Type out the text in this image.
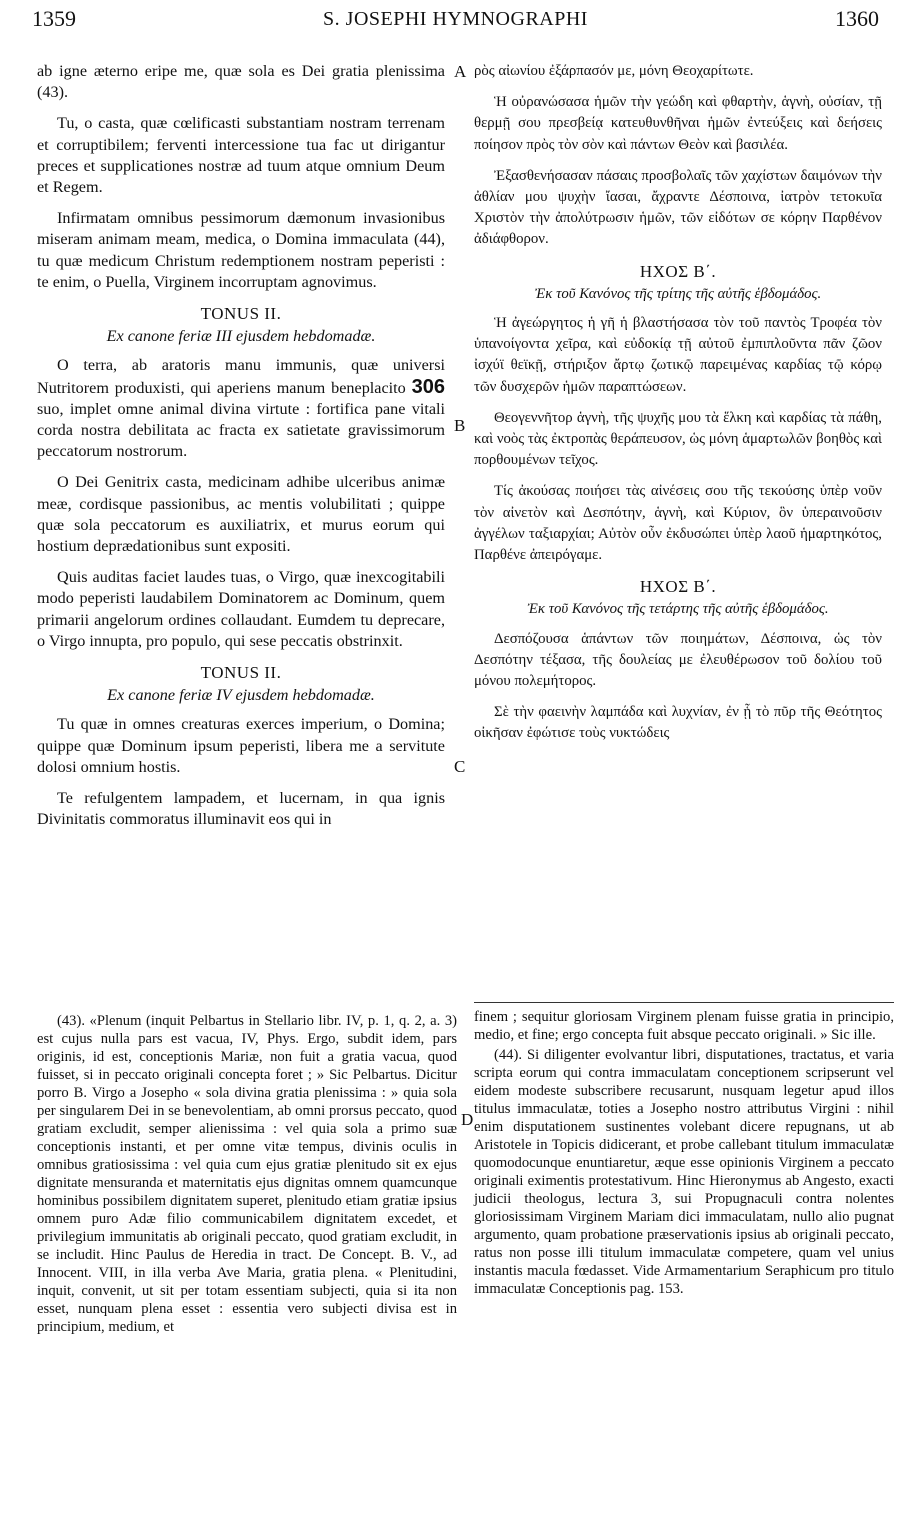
1359	S. JOSEPHI HYMNOGRAPHI	1360

ab igne æterno eripe me, quæ sola es Dei gratia plenissima (43).

Tu, o casta, quæ cœlificasti substantiam nostram terrenam et corruptibilem; ferventi intercessione tua fac ut dirigantur preces et supplicationes nostræ ad tuum atque omnium Deum et Regem.

Infirmatam omnibus pessimorum dæmonum invasionibus miseram animam meam, medica, o Domina immaculata (44), tu quæ medicum Christum redemptionem nostram peperisti : te enim, o Puella, Virginem incorruptam agnovimus.

TONUS II.
Ex canone feriæ III ejusdem hebdomadæ.

O terra, ab aratoris manu immunis, quæ universi Nutritorem produxisti, qui aperiens manum beneplacito 306 suo, implet omne animal divina virtute : fortifica pane vitali corda nostra debilitata ac fracta ex satietate gravissimorum peccatorum nostrorum.

O Dei Genitrix casta, medicinam adhibe ulceribus animæ meæ, cordisque passionibus, ac mentis volubilitati ; quippe quæ sola peccatorum es auxiliatrix, et murus eorum qui hostium deprædationibus sunt expositi.

Quis auditas faciet laudes tuas, o Virgo, quæ inexcogitabili modo peperisti laudabilem Dominatorem ac Dominum, quem primarii angelorum ordines collaudant. Eumdem tu deprecare, o Virgo innupta, pro populo, qui sese peccatis obstrinxit.

TONUS II.
Ex canone feriæ IV ejusdem hebdomadæ.

Tu quæ in omnes creaturas exerces imperium, o Domina; quippe quæ Dominum ipsum peperisti, libera me a servitute dolosi omnium hostis.

Te refulgentem lampadem, et lucernam, in qua ignis Divinitatis commoratus illuminavit eos qui in

ρὸς αἰωνίου ἐξάρπασόν με, μόνη Θεοχαρίτωτε.

Ἡ οὐρανώσασα ἡμῶν τὴν γεώδη καὶ φθαρτὴν, ἁγνὴ, οὐσίαν, τῇ θερμῇ σου πρεσβείᾳ κατευθυνθῆναι ἡμῶν ἐντεύξεις καὶ δεήσεις ποίησον πρὸς τὸν σὸν καὶ πάντων Θεὸν καὶ βασιλέα.

Ἐξασθενήσασαν πάσαις προσβολαῖς τῶν χαχίστων δαιμόνων τὴν ἀθλίαν μου ψυχὴν ἴασαι, ἄχραντε Δέσποινα, ἰατρὸν τετοκυῖα Χριστὸν τὴν ἀπολύτρωσιν ἡμῶν, τῶν εἰδότων σε κόρην Παρθένον ἀδιάφθορον.

ΗΧΟΣ Β΄.
Ἐκ τοῦ Κανόνος τῆς τρίτης τῆς αὐτῆς ἑβδομάδος.

Ἡ ἀγεώργητος ἡ γῆ ἡ βλαστήσασα τὸν τοῦ παντὸς Τροφέα τὸν ὑπανοίγοντα χεῖρα, καὶ εὐδοκίᾳ τῇ αὐτοῦ ἐμπιπλοῦντα πᾶν ζῶον ἰσχύϊ θεϊκῇ, στήριξον ἄρτῳ ζωτικῷ παρειμένας καρδίας τῷ κόρῳ τῶν δυσχερῶν ἡμῶν παραπτώσεων.

Θεογεννῆτορ ἁγνὴ, τῆς ψυχῆς μου τὰ ἕλκη καὶ καρδίας τὰ πάθη, καὶ νοὸς τὰς ἐκτροπὰς θεράπευσον, ὡς μόνη ἁμαρτωλῶν βοηθὸς καὶ πορθουμένων τεῖχος.

Τίς ἀκούσας ποιήσει τὰς αἰνέσεις σου τῆς τεκούσης ὑπὲρ νοῦν τὸν αἰνετὸν καὶ Δεσπότην, ἁγνὴ, καὶ Κύριον, ὃν ὑπεραινοῦσιν ἀγγέλων ταξιαρχίαι; Αὐτὸν οὖν ἐκδυσώπει ὑπὲρ λαοῦ ἡμαρτηκότος, Παρθένε ἀπειρόγαμε.

ΗΧΟΣ Β΄.
Ἐκ τοῦ Κανόνος τῆς τετάρτης τῆς αὐτῆς ἑβδομάδος.

Δεσπόζουσα ἁπάντων τῶν ποιημάτων, Δέσποινα, ὡς τὸν Δεσπότην τέξασα, τῆς δουλείας με ἐλευθέρωσον τοῦ δολίου τοῦ μόνου πολεμήτορος.

Σὲ τὴν φαεινὴν λαμπάδα καὶ λυχνίαν, ἐν ᾗ τὸ πῦρ τῆς Θεότητος οἰκῆσαν ἐφώτισε τοὺς νυκτώδεις

A
B
C
D

(43). «Plenum (inquit Pelbartus in Stellario libr. IV, p. 1, q. 2, a. 3) est cujus nulla pars est vacua, IV, Phys. Ergo, subdit idem, pars originis, id est, conceptionis Mariæ, non fuit a gratia vacua, quod fuisset, si in peccato originali concepta foret ; » Sic Pelbartus. Dicitur porro B. Virgo a Josepho « sola divina gratia plenissima : » quia sola per singularem Dei in se benevolentiam, ab omni prorsus peccato, quod gratiam excludit, semper alienissima : vel quia sola a primo suæ conceptionis instanti, et per omne vitæ tempus, divinis oculis in omnibus gratiosissima : vel quia cum ejus gratiæ plenitudo sit ex ejus dignitate mensuranda et maternitatis ejus dignitas omnem quamcunque hominibus possibilem dignitatem superet, plenitudo etiam gratiæ ipsius omnem puro Adæ filio communicabilem dignitatem excedet, et privilegium immunitatis ab originali peccato, quod gratiam excludit, in se includit. Hinc Paulus de Heredia in tract. De Concept. B. V., ad Innocent. VIII, in illa verba Ave Maria, gratia plena. « Plenitudini, inquit, convenit, ut sit per totam essentiam subjecti, quia si ita non esset, nunquam plena esset : essentia vero subjecti divisa est in principium, medium, et

finem ; sequitur gloriosam Virginem plenam fuisse gratia in principio, medio, et fine; ergo concepta fuit absque peccato originali. » Sic ille.

(44). Si diligenter evolvantur libri, disputationes, tractatus, et varia scripta eorum qui contra immaculatam conceptionem scripserunt vel eidem modeste subscribere recusarunt, nusquam legetur apud illos titulus immaculatæ, toties a Josepho nostro attributus Virgini : nihil enim disputationem sustinentes volebant dicere repugnans, ut ab Aristotele in Topicis didicerant, et probe callebant titulum immaculatæ quomodocunque enuntiaretur, æque esse opinionis Virginem a peccato originali eximentis protestativum. Hinc Hieronymus ab Angesto, exacti judicii theologus, lectura 3, sui Propugnaculi contra nolentes gloriosissimam Virginem Mariam dici immaculatam, nullo alio pugnat argumento, quam probatione præservationis ipsius ab originali peccato, ratus non posse illi titulum immaculatæ competere, quam vel unius instantis macula fœdasset. Vide Armamentarium Seraphicum pro titulo immaculatæ Conceptionis pag. 153.
